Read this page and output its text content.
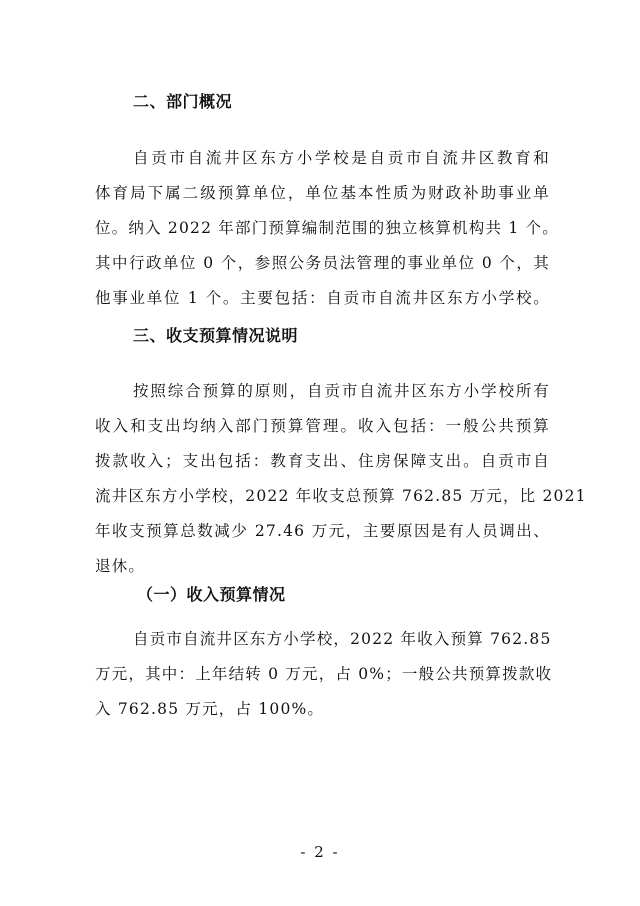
二、部门概况
自贡市自流井区东方小学校是自贡市自流井区教育和
体育局下属二级预算单位，单位基本性质为财政补助事业单
位。纳入 2022 年部门预算编制范围的独立核算机构共 1 个。
其中行政单位 0 个，参照公务员法管理的事业单位 0 个，其
他事业单位 1 个。主要包括：自贡市自流井区东方小学校。
三、收支预算情况说明
按照综合预算的原则，自贡市自流井区东方小学校所有
收入和支出均纳入部门预算管理。收入包括：一般公共预算
拨款收入；支出包括：教育支出、住房保障支出。自贡市自
流井区东方小学校，2022 年收支总预算 762.85 万元，比 2021
年收支预算总数减少 27.46 万元，主要原因是有人员调出、
退休。
（一）收入预算情况
自贡市自流井区东方小学校，2022 年收入预算 762.85
万元，其中：上年结转 0 万元，占 0%；一般公共预算拨款收
入 762.85 万元，占 100%。
- 2 -
